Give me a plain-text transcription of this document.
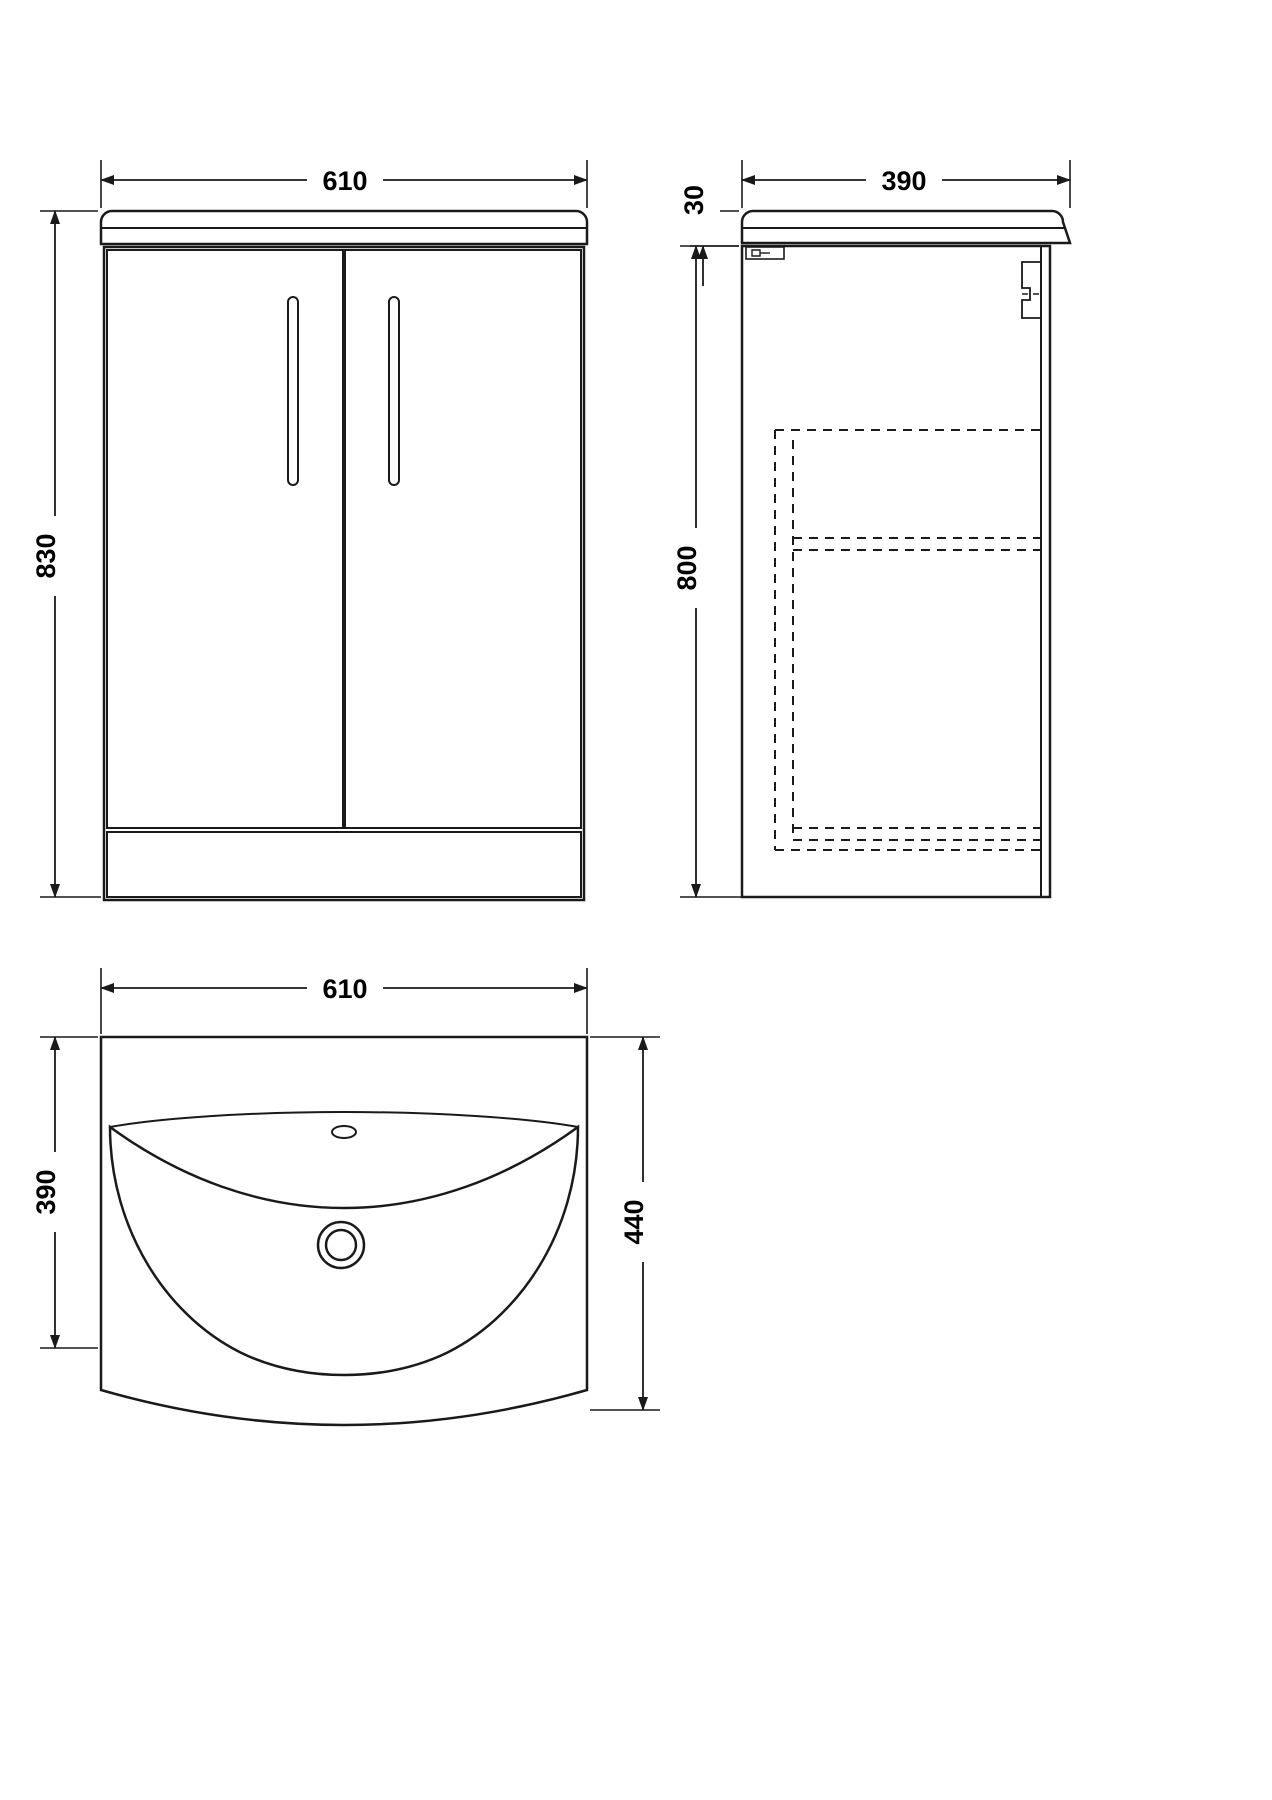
610
830
390
30
800
610
390
440
